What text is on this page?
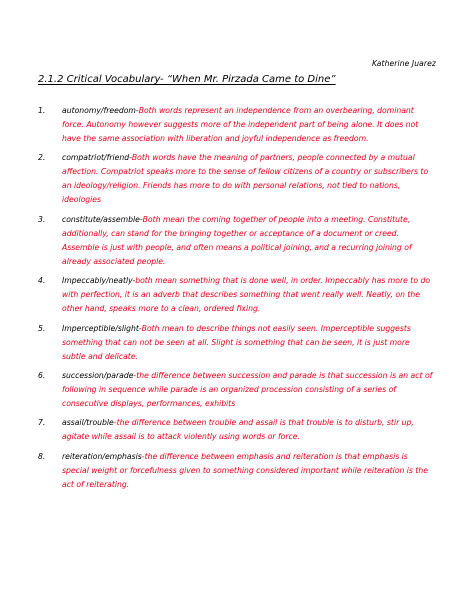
Katherine Juarez
2.1.2 Critical Vocabulary- “When Mr. Pirzada Came to Dine”
1. autonomy/freedom-Both words represent an independence from an overbearing, dominant force. Autonomy however suggests more of the independent part of being alone. It does not have the same association with liberation and joyful independence as freedom.
2. compatriot/friend-Both words have the meaning of partners, people connected by a mutual affection. Compatriot speaks more to the sense of fellow citizens of a country or subscribers to an ideology/religion. Friends has more to do with personal relations, not tied to nations, ideologies
3. constitute/assemble-Both mean the coming together of people into a meeting. Constitute, additionally, can stand for the bringing together or acceptance of a document or creed. Assemble is just with people, and often means a political joining, and a recurring joining of already associated people.
4. Impeccably/neatly-both mean something that is done well, in order. Impeccably has more to do with perfection, it is an adverb that describes something that went really well. Neatly, on the other hand, speaks more to a clean, ordered fixing.
5. Imperceptible/slight-Both mean to describe things not easily seen. Imperceptible suggests something that can not be seen at all. Slight is something that can be seen, it is just more subtle and delicate.
6. succession/parade-the difference between succession and parade is that succession is an act of following in sequence while parade is an organized procession consisting of a series of consecutive displays, performances, exhibits
7. assail/trouble-the difference between trouble and assail is that trouble is to disturb, stir up, agitate while assail is to attack violently using words or force.
8. reiteration/emphasis-the difference between emphasis and reiteration is that emphasis is special weight or forcefulness given to something considered important while reiteration is the act of reiterating.
